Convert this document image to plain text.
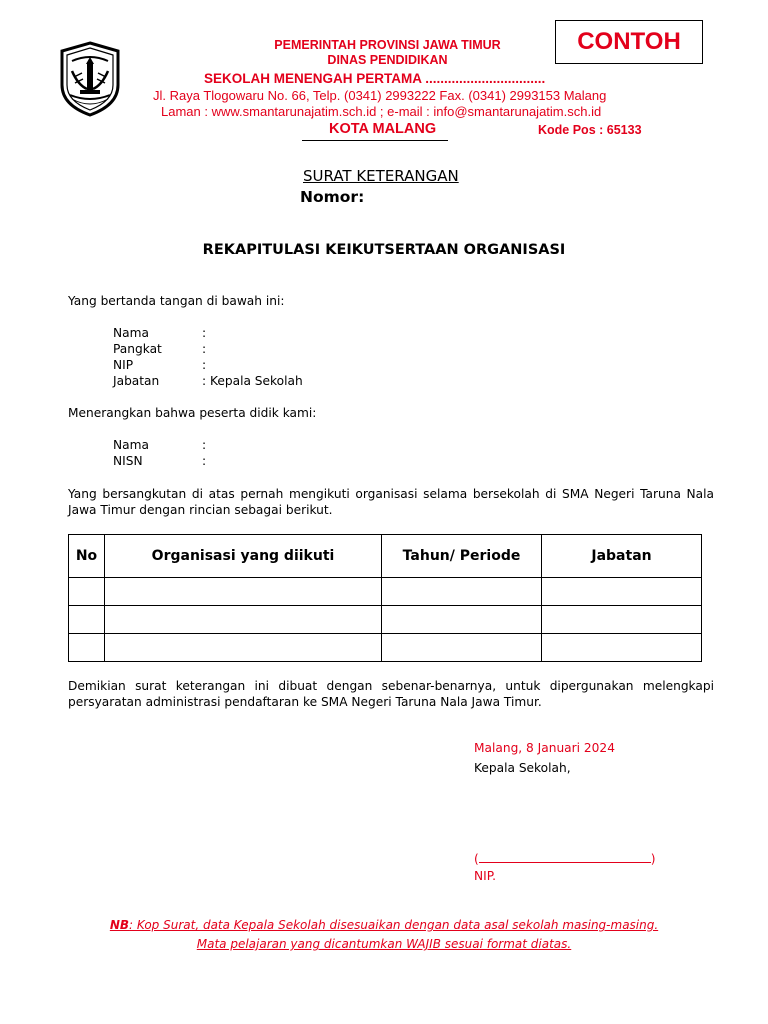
PEMERINTAH PROVINSI JAWA TIMUR
DINAS PENDIDIKAN
CONTOH
SEKOLAH MENENGAH PERTAMA ................................
Jl. Raya Tlogowaru No. 66, Telp. (0341) 2993222 Fax. (0341) 2993153 Malang
Laman : www.smantarunajatim.sch.id ; e-mail : info@smantarunajatim.sch.id
KOTA MALANG	Kode Pos : 65133
SURAT KETERANGAN
Nomor:
REKAPITULASI KEIKUTSERTAAN ORGANISASI
Yang bertanda tangan di bawah ini:
Nama	:
Pangkat	:
NIP	:
Jabatan	: Kepala Sekolah
Menerangkan bahwa peserta didik kami:
Nama	:
NISN	:

Yang bersangkutan di atas pernah mengikuti organisasi selama bersekolah di SMA Negeri Taruna Nala Jawa Timur dengan rincian sebagai berikut.

No	Organisasi yang diikuti	Tahun/ Periode	Jabatan

Demikian surat keterangan ini dibuat dengan sebenar-benarnya, untuk dipergunakan melengkapi persyaratan administrasi pendaftaran ke SMA Negeri Taruna Nala Jawa Timur.

Malang, 8 Januari 2024
Kepala Sekolah,
(	)
NIP.
NB: Kop Surat, data Kepala Sekolah disesuaikan dengan data asal sekolah masing-masing.
Mata pelajaran yang dicantumkan WAJIB sesuai format diatas.
